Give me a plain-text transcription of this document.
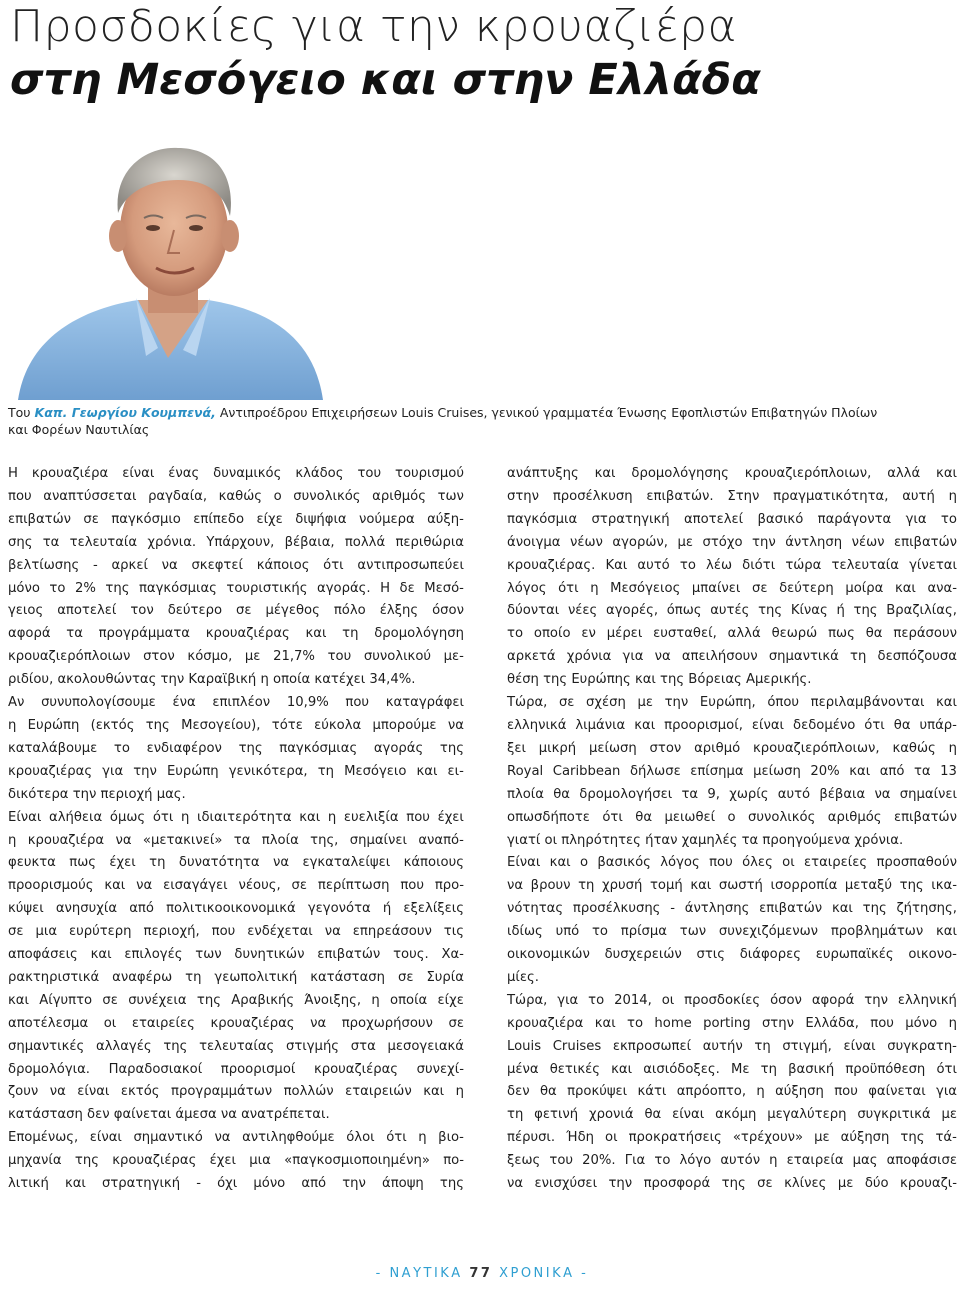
Προσδοκίες για την κρουαζιέρα
στη Μεσόγειο και στην Ελλάδα
Του Καπ. Γεωργίου Κουμπενά, Αντιπροέδρου Επιχειρήσεων Louis Cruises, γενικού γραμματέα Ένωσης Εφοπλιστών Επιβατηγών Πλοίων
και Φορέων Ναυτιλίας
Η κρουαζιέρα είναι ένας δυναμικός κλάδος του τουρισμού
που αναπτύσσεται ραγδαία, καθώς ο συνολικός αριθμός των
επιβατών σε παγκόσμιο επίπεδο είχε διψήφια νούμερα αύξη-
σης τα τελευταία χρόνια. Υπάρχουν, βέβαια, πολλά περιθώρια
βελτίωσης - αρκεί να σκεφτεί κάποιος ότι αντιπροσωπεύει
μόνο το 2% της παγκόσμιας τουριστικής αγοράς. Η δε Μεσό-
γειος αποτελεί τον δεύτερο σε μέγεθος πόλο έλξης όσον
αφορά τα προγράμματα κρουαζιέρας και τη δρομολόγηση
κρουαζιερόπλοιων στον κόσμο, με 21,7% του συνολικού με-
ριδίου, ακολουθώντας την Καραϊβική η οποία κατέχει 34,4%.
Αν συνυπολογίσουμε ένα επιπλέον 10,9% που καταγράφει
η Ευρώπη (εκτός της Μεσογείου), τότε εύκολα μπορούμε να
καταλάβουμε το ενδιαφέρον της παγκόσμιας αγοράς της
κρουαζιέρας για την Ευρώπη γενικότερα, τη Μεσόγειο και ει-
δικότερα την περιοχή μας.
Είναι αλήθεια όμως ότι η ιδιαιτερότητα και η ευελιξία που έχει
η κρουαζιέρα να «μετακινεί» τα πλοία της, σημαίνει αναπό-
φευκτα πως έχει τη δυνατότητα να εγκαταλείψει κάποιους
προορισμούς και να εισαγάγει νέους, σε περίπτωση που προ-
κύψει ανησυχία από πολιτικοοικονομικά γεγονότα ή εξελίξεις
σε μια ευρύτερη περιοχή, που ενδέχεται να επηρεάσουν τις
αποφάσεις και επιλογές των δυνητικών επιβατών τους. Χα-
ρακτηριστικά αναφέρω τη γεωπολιτική κατάσταση σε Συρία
και Αίγυπτο σε συνέχεια της Αραβικής Άνοιξης, η οποία είχε
αποτέλεσμα οι εταιρείες κρουαζιέρας να προχωρήσουν σε
σημαντικές αλλαγές της τελευταίας στιγμής στα μεσογειακά
δρομολόγια. Παραδοσιακοί προορισμοί κρουαζιέρας συνεχί-
ζουν να είναι εκτός προγραμμάτων πολλών εταιρειών και η
κατάσταση δεν φαίνεται άμεσα να ανατρέπεται.
Επομένως, είναι σημαντικό να αντιληφθούμε όλοι ότι η βιο-
μηχανία της κρουαζιέρας έχει μια «παγκοσμιοποιημένη» πο-
λιτική και στρατηγική - όχι μόνο από την άποψη της
ανάπτυξης και δρομολόγησης κρουαζιερόπλοιων, αλλά και
στην προσέλκυση επιβατών. Στην πραγματικότητα, αυτή η
παγκόσμια στρατηγική αποτελεί βασικό παράγοντα για το
άνοιγμα νέων αγορών, με στόχο την άντληση νέων επιβατών
κρουαζιέρας. Και αυτό το λέω διότι τώρα τελευταία γίνεται
λόγος ότι η Μεσόγειος μπαίνει σε δεύτερη μοίρα και ανα-
δύονται νέες αγορές, όπως αυτές της Κίνας ή της Βραζιλίας,
το οποίο εν μέρει ευσταθεί, αλλά θεωρώ πως θα περάσουν
αρκετά χρόνια για να απειλήσουν σημαντικά τη δεσπόζουσα
θέση της Ευρώπης και της Βόρειας Αμερικής.
Τώρα, σε σχέση με την Ευρώπη, όπου περιλαμβάνονται και
ελληνικά λιμάνια και προορισμοί, είναι δεδομένο ότι θα υπάρ-
ξει μικρή μείωση στον αριθμό κρουαζιερόπλοιων, καθώς η
Royal Caribbean δήλωσε επίσημα μείωση 20% και από τα 13
πλοία θα δρομολογήσει τα 9, χωρίς αυτό βέβαια να σημαίνει
οπωσδήποτε ότι θα μειωθεί ο συνολικός αριθμός επιβατών
γιατί οι πληρότητες ήταν χαμηλές τα προηγούμενα χρόνια.
Είναι και ο βασικός λόγος που όλες οι εταιρείες προσπαθούν
να βρουν τη χρυσή τομή και σωστή ισορροπία μεταξύ της ικα-
νότητας προσέλκυσης - άντλησης επιβατών και της ζήτησης,
ιδίως υπό το πρίσμα των συνεχιζόμενων προβλημάτων και
οικονομικών δυσχερειών στις διάφορες ευρωπαϊκές οικονο-
μίες.
Τώρα, για το 2014, οι προσδοκίες όσον αφορά την ελληνική
κρουαζιέρα και το home porting στην Ελλάδα, που μόνο η
Louis Cruises εκπροσωπεί αυτήν τη στιγμή, είναι συγκρατη-
μένα θετικές και αισιόδοξες. Με τη βασική προϋπόθεση ότι
δεν θα προκύψει κάτι απρόοπτο, η αύξηση που φαίνεται για
τη φετινή χρονιά θα είναι ακόμη μεγαλύτερη συγκριτικά με
πέρυσι. Ήδη οι προκρατήσεις «τρέχουν» με αύξηση της τά-
ξεως του 20%. Για το λόγο αυτόν η εταιρεία μας αποφάσισε
να ενισχύσει την προσφορά της σε κλίνες με δύο κρουαζι-
- ΝΑΥΤΙΚΑ 77 ΧΡΟΝΙΚΑ -
